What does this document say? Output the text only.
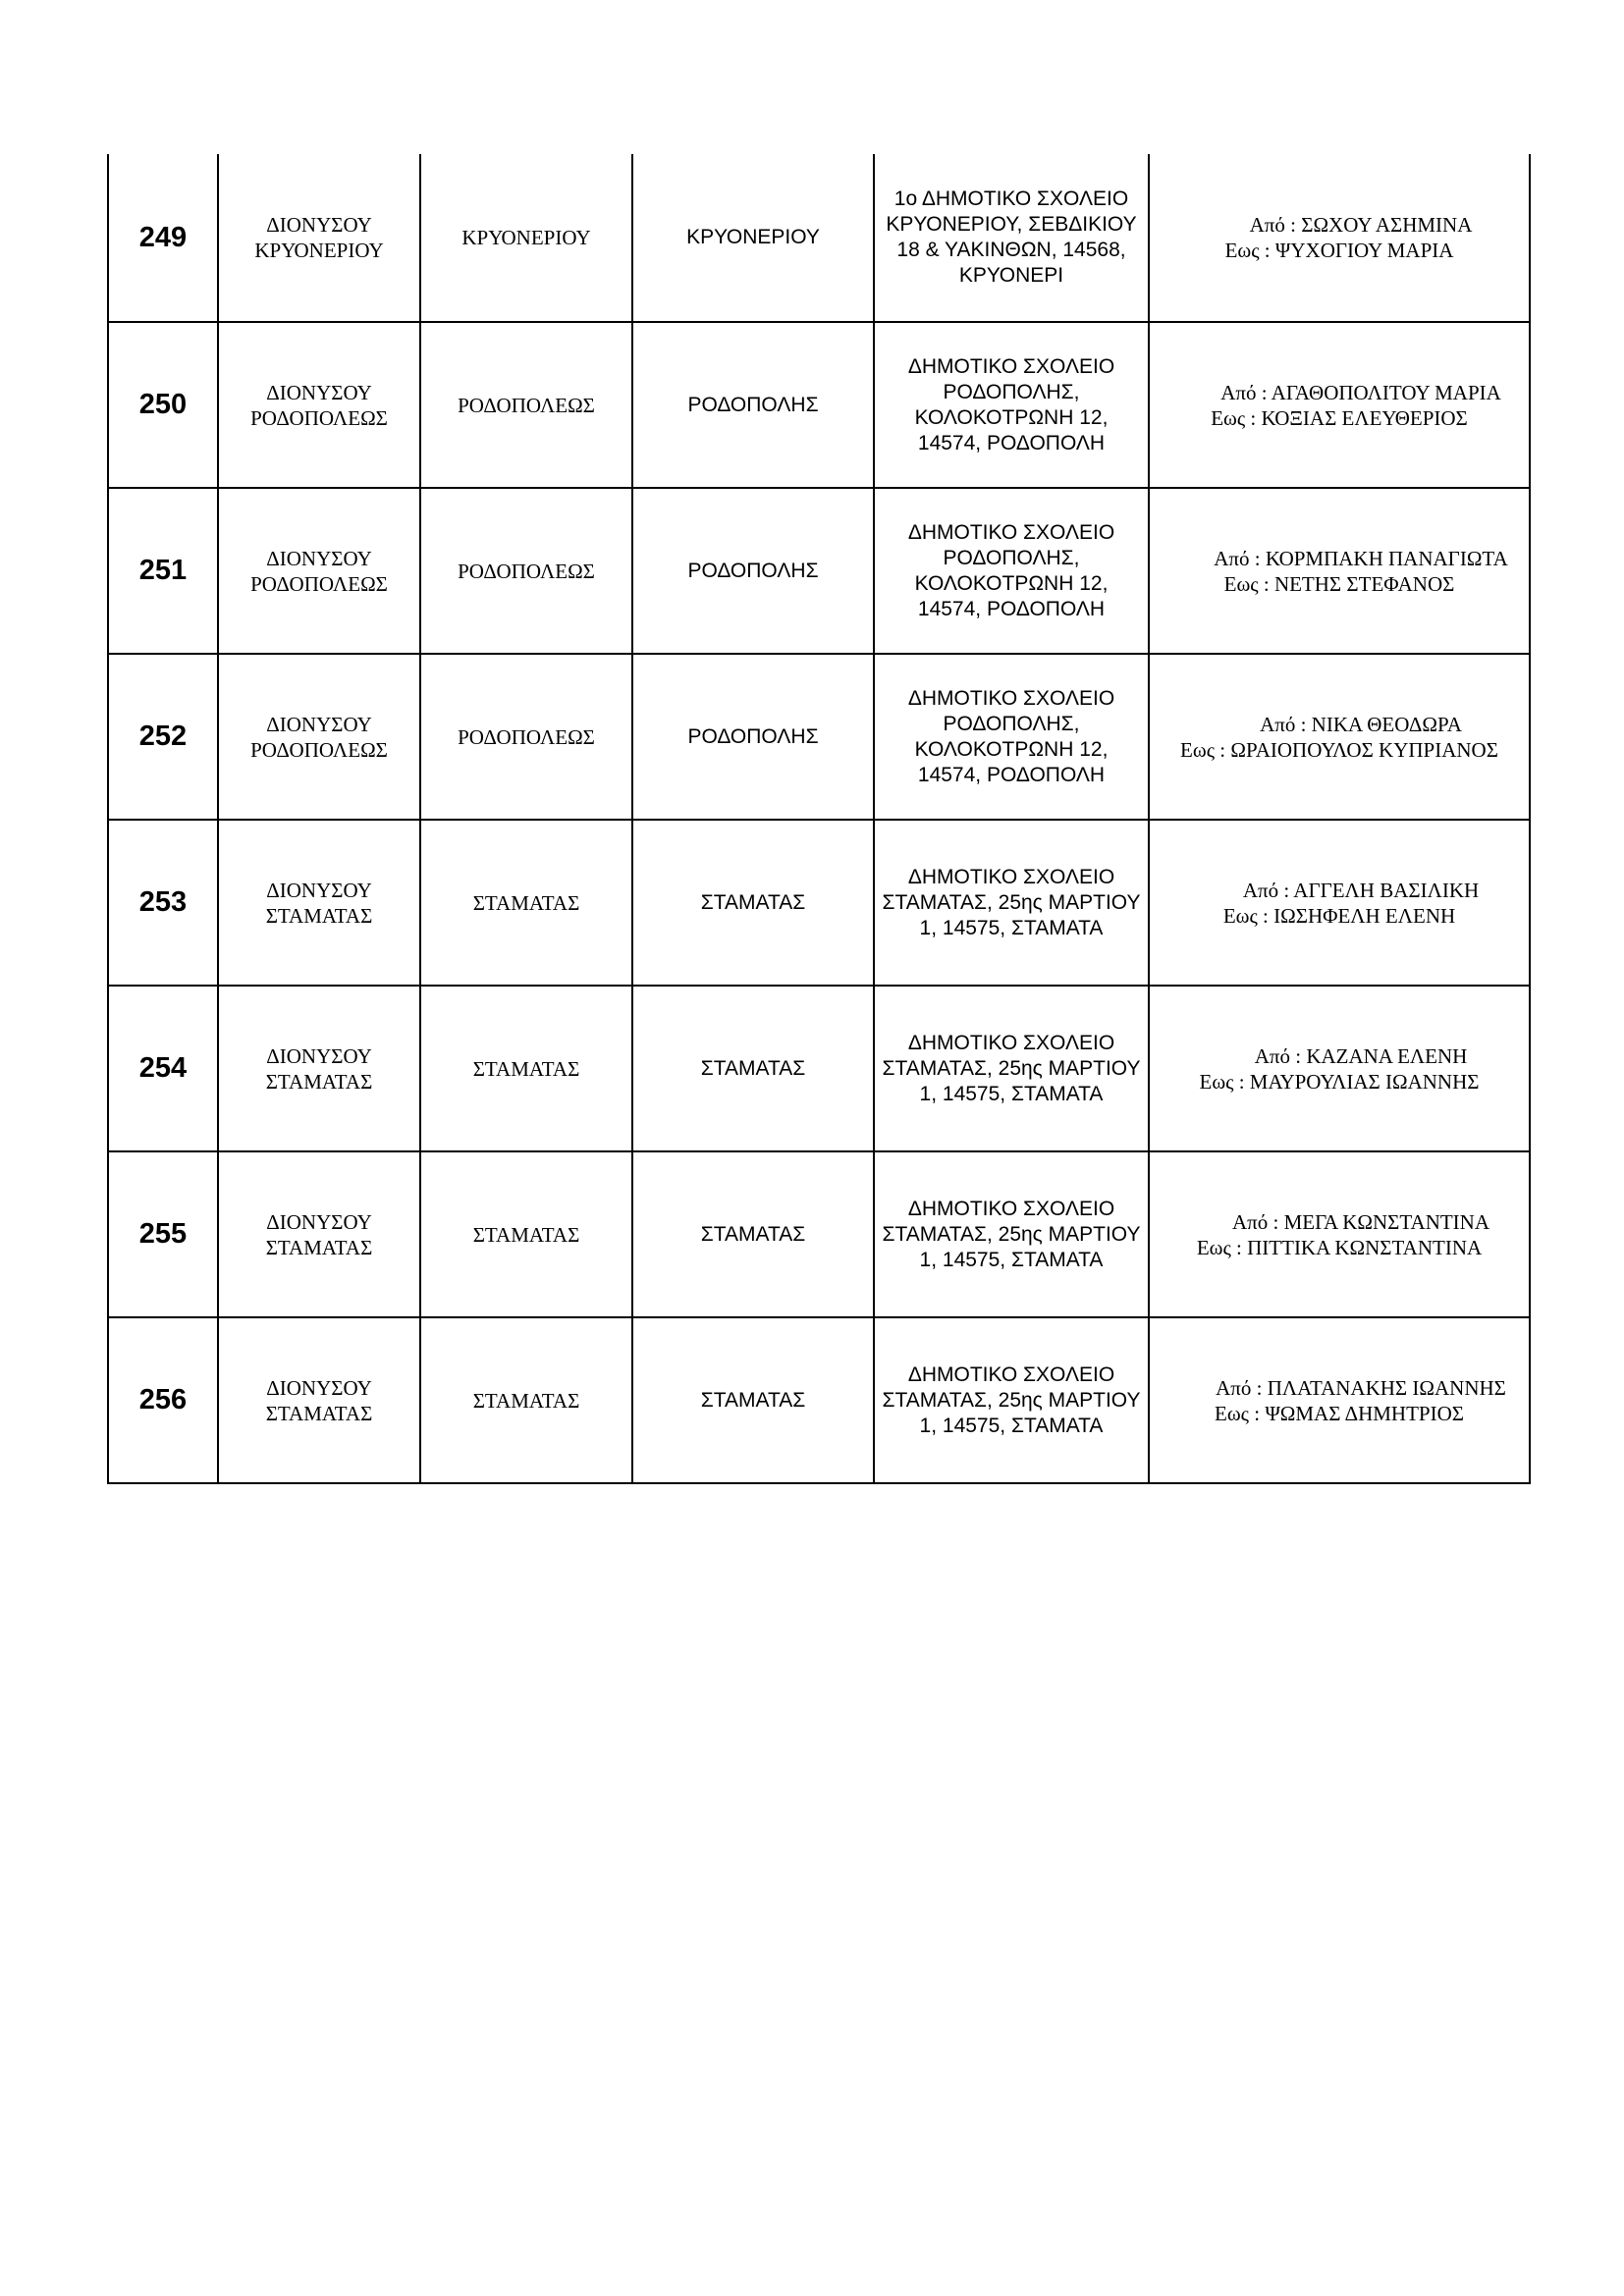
249	ΔΙΟΝΥΣΟΥ ΚΡΥΟΝΕΡΙΟΥ	ΚΡΥΟΝΕΡΙΟΥ	ΚΡΥΟΝΕΡΙΟΥ	1ο ΔΗΜΟΤΙΚΟ ΣΧΟΛΕΙΟ ΚΡΥΟΝΕΡΙΟΥ, ΣΕΒΔΙΚΙΟΥ 18 & ΥΑΚΙΝΘΩΝ, 14568, ΚΡΥΟΝΕΡΙ	Από : ΣΩΧΟΥ ΑΣΗΜΙΝΑ
Εως : ΨΥΧΟΓΙΟΥ ΜΑΡΙΑ

250	ΔΙΟΝΥΣΟΥ ΡΟΔΟΠΟΛΕΩΣ	ΡΟΔΟΠΟΛΕΩΣ	ΡΟΔΟΠΟΛΗΣ	ΔΗΜΟΤΙΚΟ ΣΧΟΛΕΙΟ ΡΟΔΟΠΟΛΗΣ, ΚΟΛΟΚΟΤΡΩΝΗ 12, 14574, ΡΟΔΟΠΟΛΗ	Από : ΑΓΑΘΟΠΟΛΙΤΟΥ ΜΑΡΙΑ
Εως : ΚΟΞΙΑΣ ΕΛΕΥΘΕΡΙΟΣ

251	ΔΙΟΝΥΣΟΥ ΡΟΔΟΠΟΛΕΩΣ	ΡΟΔΟΠΟΛΕΩΣ	ΡΟΔΟΠΟΛΗΣ	ΔΗΜΟΤΙΚΟ ΣΧΟΛΕΙΟ ΡΟΔΟΠΟΛΗΣ, ΚΟΛΟΚΟΤΡΩΝΗ 12, 14574, ΡΟΔΟΠΟΛΗ	Από : ΚΟΡΜΠΑΚΗ ΠΑΝΑΓΙΩΤΑ
Εως : ΝΕΤΗΣ ΣΤΕΦΑΝΟΣ

252	ΔΙΟΝΥΣΟΥ ΡΟΔΟΠΟΛΕΩΣ	ΡΟΔΟΠΟΛΕΩΣ	ΡΟΔΟΠΟΛΗΣ	ΔΗΜΟΤΙΚΟ ΣΧΟΛΕΙΟ ΡΟΔΟΠΟΛΗΣ, ΚΟΛΟΚΟΤΡΩΝΗ 12, 14574, ΡΟΔΟΠΟΛΗ	Από : ΝΙΚΑ ΘΕΟΔΩΡΑ
Εως : ΩΡΑΙΟΠΟΥΛΟΣ ΚΥΠΡΙΑΝΟΣ

253	ΔΙΟΝΥΣΟΥ ΣΤΑΜΑΤΑΣ	ΣΤΑΜΑΤΑΣ	ΣΤΑΜΑΤΑΣ	ΔΗΜΟΤΙΚΟ ΣΧΟΛΕΙΟ ΣΤΑΜΑΤΑΣ, 25ης ΜΑΡΤΙΟΥ 1, 14575, ΣΤΑΜΑΤΑ	Από : ΑΓΓΕΛΗ ΒΑΣΙΛΙΚΗ
Εως : ΙΩΣΗΦΕΛΗ ΕΛΕΝΗ

254	ΔΙΟΝΥΣΟΥ ΣΤΑΜΑΤΑΣ	ΣΤΑΜΑΤΑΣ	ΣΤΑΜΑΤΑΣ	ΔΗΜΟΤΙΚΟ ΣΧΟΛΕΙΟ ΣΤΑΜΑΤΑΣ, 25ης ΜΑΡΤΙΟΥ 1, 14575, ΣΤΑΜΑΤΑ	Από : ΚΑΖΑΝΑ ΕΛΕΝΗ
Εως : ΜΑΥΡΟΥΛΙΑΣ ΙΩΑΝΝΗΣ

255	ΔΙΟΝΥΣΟΥ ΣΤΑΜΑΤΑΣ	ΣΤΑΜΑΤΑΣ	ΣΤΑΜΑΤΑΣ	ΔΗΜΟΤΙΚΟ ΣΧΟΛΕΙΟ ΣΤΑΜΑΤΑΣ, 25ης ΜΑΡΤΙΟΥ 1, 14575, ΣΤΑΜΑΤΑ	Από : ΜΕΓΑ ΚΩΝΣΤΑΝΤΙΝΑ
Εως : ΠΙΤΤΙΚΑ ΚΩΝΣΤΑΝΤΙΝΑ

256	ΔΙΟΝΥΣΟΥ ΣΤΑΜΑΤΑΣ	ΣΤΑΜΑΤΑΣ	ΣΤΑΜΑΤΑΣ	ΔΗΜΟΤΙΚΟ ΣΧΟΛΕΙΟ ΣΤΑΜΑΤΑΣ, 25ης ΜΑΡΤΙΟΥ 1, 14575, ΣΤΑΜΑΤΑ	Από : ΠΛΑΤΑΝΑΚΗΣ ΙΩΑΝΝΗΣ
Εως : ΨΩΜΑΣ ΔΗΜΗΤΡΙΟΣ
